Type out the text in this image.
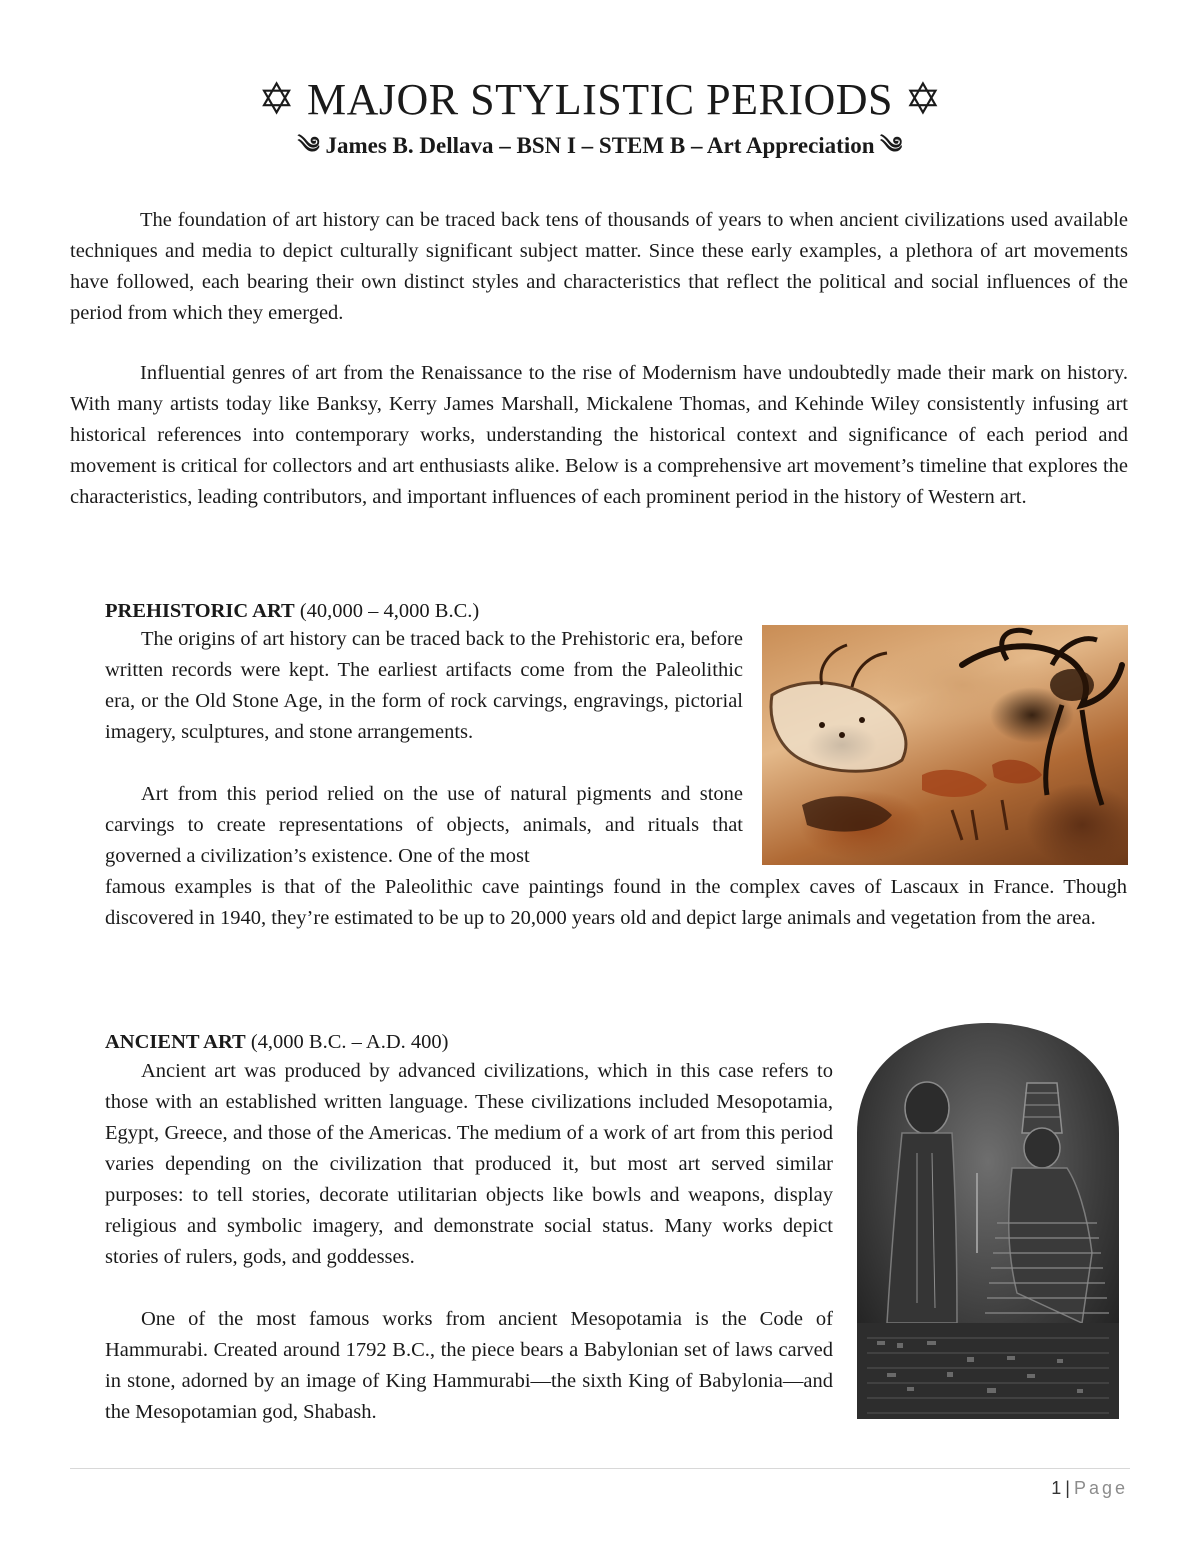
✡ MAJOR STYLISTIC PERIODS ✡
༄ James B. Dellava – BSN I – STEM B – Art Appreciation ༄

The foundation of art history can be traced back tens of thousands of years to when ancient civilizations used available techniques and media to depict culturally significant subject matter. Since these early examples, a plethora of art movements have followed, each bearing their own distinct styles and characteristics that reflect the political and social influences of the period from which they emerged.

Influential genres of art from the Renaissance to the rise of Modernism have undoubtedly made their mark on history. With many artists today like Banksy, Kerry James Marshall, Mickalene Thomas, and Kehinde Wiley consistently infusing art historical references into contemporary works, understanding the historical context and significance of each period and movement is critical for collectors and art enthusiasts alike. Below is a comprehensive art movement’s timeline that explores the characteristics, leading contributors, and important influences of each prominent period in the history of Western art.

PREHISTORIC ART (40,000 – 4,000 B.C.)

The origins of art history can be traced back to the Prehistoric era, before written records were kept. The earliest artifacts come from the Paleolithic era, or the Old Stone Age, in the form of rock carvings, engravings, pictorial imagery, sculptures, and stone arrangements.

Art from this period relied on the use of natural pigments and stone carvings to create representations of objects, animals, and rituals that governed a civilization’s existence. One of the most

famous examples is that of the Paleolithic cave paintings found in the complex caves of Lascaux in France. Though discovered in 1940, they’re estimated to be up to 20,000 years old and depict large animals and vegetation from the area.

ANCIENT ART (4,000 B.C. – A.D. 400)

Ancient art was produced by advanced civilizations, which in this case refers to those with an established written language. These civilizations included Mesopotamia, Egypt, Greece, and those of the Americas. The medium of a work of art from this period varies depending on the civilization that produced it, but most art served similar purposes: to tell stories, decorate utilitarian objects like bowls and weapons, display religious and symbolic imagery, and demonstrate social status. Many works depict stories of rulers, gods, and goddesses.

One of the most famous works from ancient Mesopotamia is the Code of Hammurabi. Created around 1792 B.C., the piece bears a Babylonian set of laws carved in stone, adorned by an image of King Hammurabi—the sixth King of Babylonia—and the Mesopotamian god, Shabash.

1 | Page
